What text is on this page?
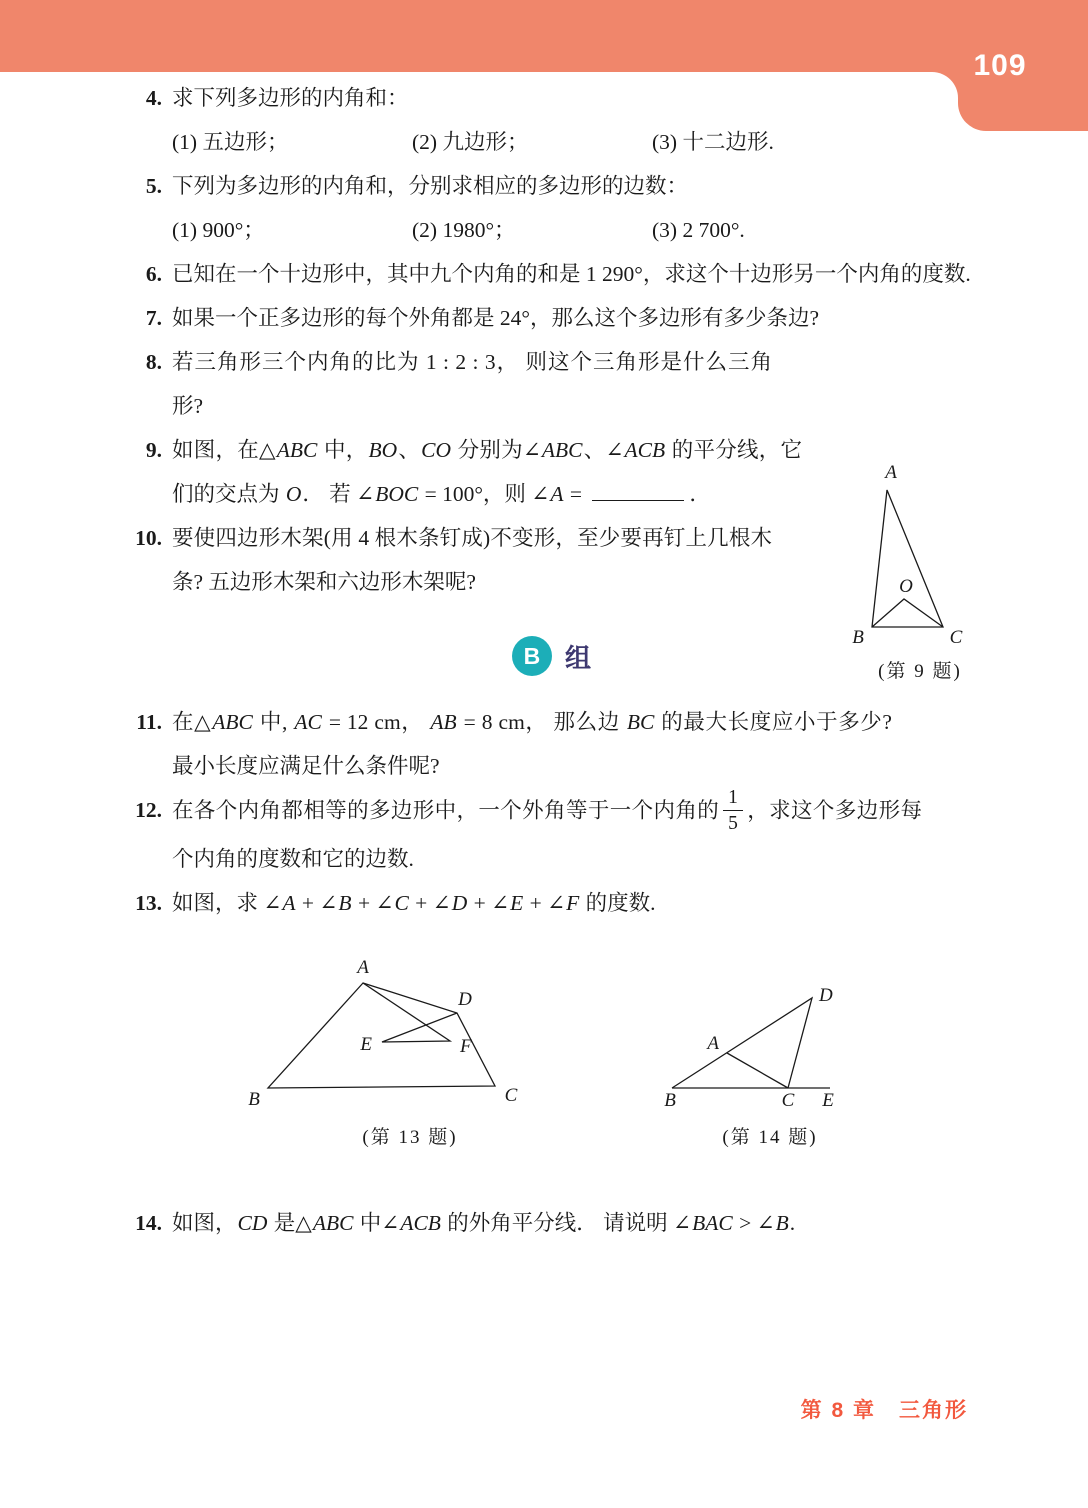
109
A
B	C
O
(第 9 题)
4. 求下列多边形的内角和：
(1) 五边形；	(2) 九边形；	(3) 十二边形.
5. 下列为多边形的内角和，分别求相应的多边形的边数：
(1) 900°；	(2) 1980°；	(3) 2 700°.
6. 已知在一个十边形中，其中九个内角的和是 1 290°，求这个十边形另一个内角的度数.
7. 如果一个正多边形的每个外角都是 24°，那么这个多边形有多少条边?
8. 若三角形三个内角的比为 1 : 2 : 3， 则这个三角形是什么三角形?
9. 如图，在△ABC 中，BO、CO 分别为∠ABC、∠ACB 的平分线，它们的交点为 O． 若 ∠BOC = 100°，则 ∠A =	．
10. 要使四边形木架(用 4 根木条钉成)不变形，至少要再钉上几根木条? 五边形木架和六边形木架呢?
B 组
11. 在△ABC 中, AC = 12 cm， AB = 8 cm， 那么边 BC 的最大长度应小于多少? 最小长度应满足什么条件呢?
12. 在各个内角都相等的多边形中，一个外角等于一个内角的 $\frac{1}{5}$ ，求这个多边形每个内角的度数和它的边数.
13. 如图，求 ∠A + ∠B + ∠C + ∠D + ∠E + ∠F 的度数.
A
B	C
D
E	F
(第 13 题)
A
B	C E
D
(第 14 题)
14. 如图，CD 是△ABC 中∠ACB 的外角平分线． 请说明 ∠BAC > ∠B.
第 8 章　三角形
